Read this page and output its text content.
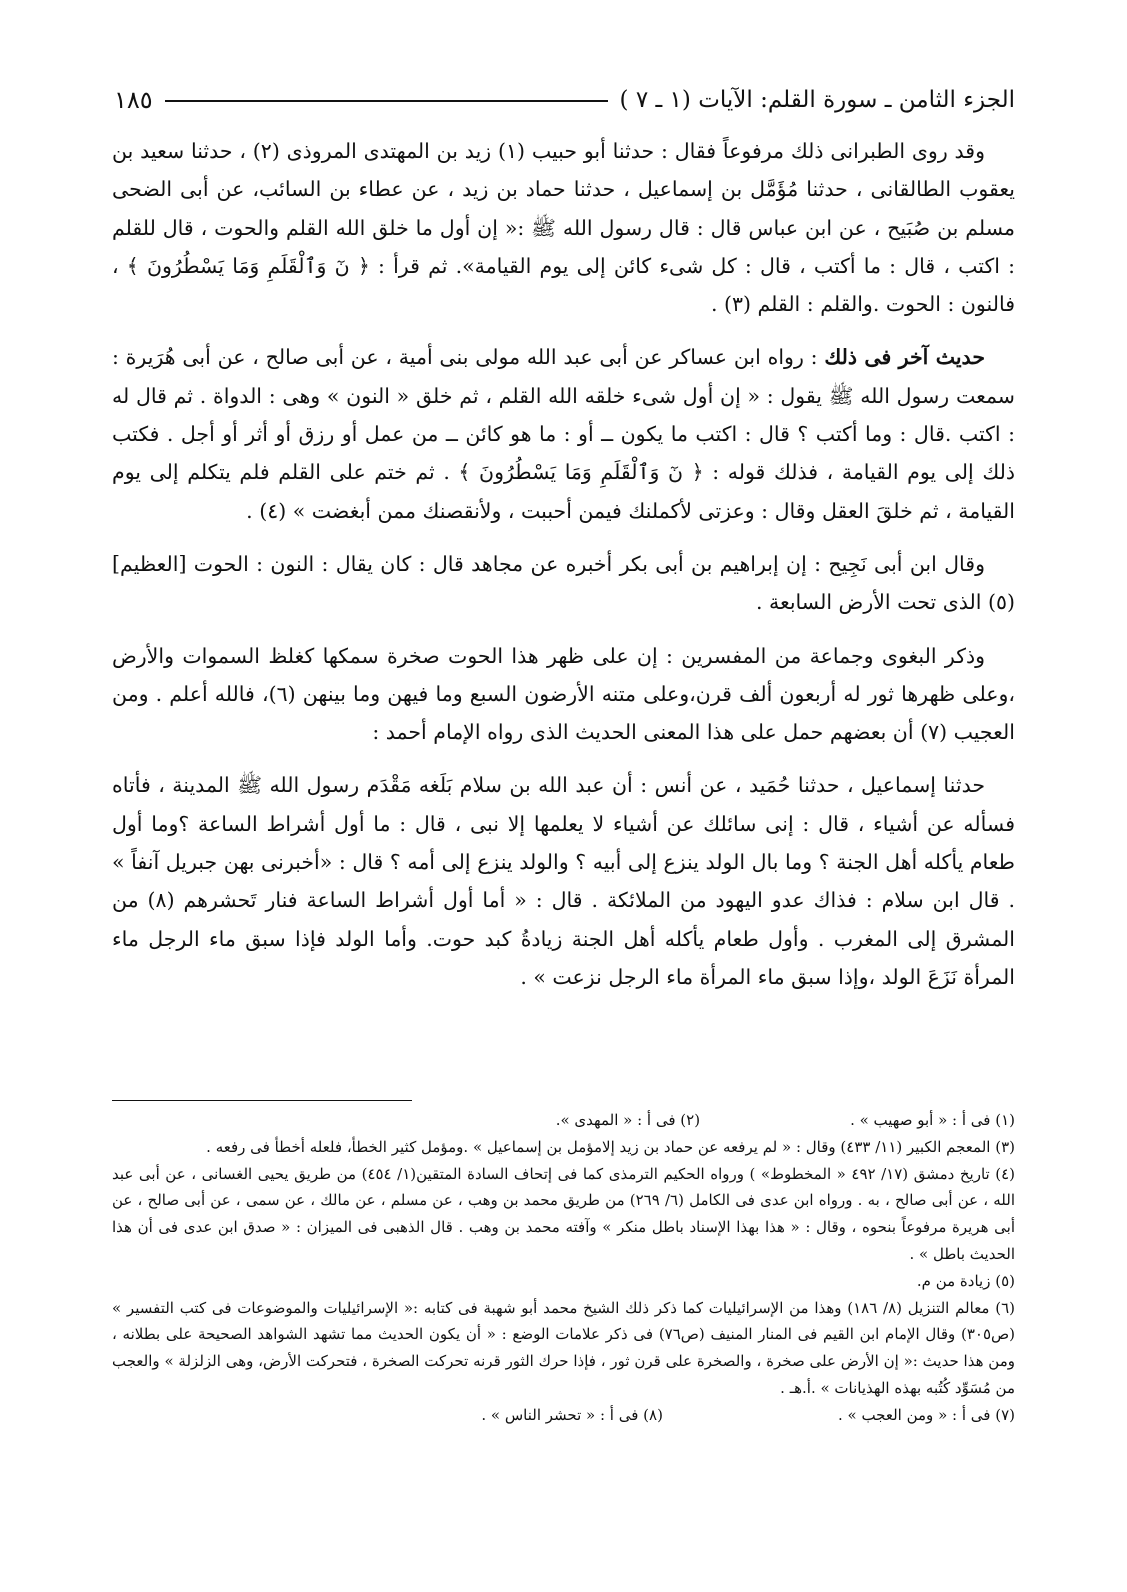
الجزء الثامن ـ سورة القلم: الآيات (١ ـ ٧ )
١٨٥

وقد روى الطبرانى ذلك مرفوعاً فقال : حدثنا أبو حبيب (١) زيد بن المهتدى المروذى (٢) ، حدثنا سعيد بن يعقوب الطالقانى ، حدثنا مُؤَمَّل بن إسماعيل ، حدثنا حماد بن زيد ، عن عطاء بن السائب، عن أبى الضحى مسلم بن صُبَيح ، عن ابن عباس قال : قال رسول الله ﷺ :« إن أول ما خلق الله القلم والحوت ، قال للقلم : اكتب ، قال : ما أكتب ، قال : كل شىء كائن إلى يوم القيامة». ثم قرأ : ﴿ نٓ وَٱلْقَلَمِ وَمَا يَسْطُرُونَ ﴾ ، فالنون : الحوت .والقلم : القلم (٣) .

حديث آخر فى ذلك : رواه ابن عساكر عن أبى عبد الله مولى بنى أمية ، عن أبى صالح ، عن أبى هُرَيرة : سمعت رسول الله ﷺ يقول : « إن أول شىء خلقه الله القلم ، ثم خلق « النون » وهى : الدواة . ثم قال له : اكتب .قال : وما أكتب ؟ قال : اكتب ما يكون ــ أو : ما هو كائن ــ من عمل أو رزق أو أثر أو أجل . فكتب ذلك إلى يوم القيامة ، فذلك قوله : ﴿ نٓ وَٱلْقَلَمِ وَمَا يَسْطُرُونَ ﴾ . ثم ختم على القلم فلم يتكلم إلى يوم القيامة ، ثم خلقَ العقل وقال : وعزتى لأكملنك فيمن أحببت ، ولأنقصنك ممن أبغضت » (٤) .

وقال ابن أبى نَجِيح : إن إبراهيم بن أبى بكر أخبره عن مجاهد قال : كان يقال : النون : الحوت [العظيم] (٥) الذى تحت الأرض السابعة .

وذكر البغوى وجماعة من المفسرين : إن على ظهر هذا الحوت صخرة سمكها كغلظ السموات والأرض ،وعلى ظهرها ثور له أربعون ألف قرن،وعلى متنه الأرضون السبع وما فيهن وما بينهن (٦)، فالله أعلم . ومن العجيب (٧) أن بعضهم حمل على هذا المعنى الحديث الذى رواه الإمام أحمد :

حدثنا إسماعيل ، حدثنا حُمَيد ، عن أنس : أن عبد الله بن سلام بَلَغه مَقْدَم رسول الله ﷺ المدينة ، فأتاه فسأله عن أشياء ، قال : إنى سائلك عن أشياء لا يعلمها إلا نبى ، قال : ما أول أشراط الساعة ؟وما أول طعام يأكله أهل الجنة ؟ وما بال الولد ينزع إلى أبيه ؟ والولد ينزع إلى أمه ؟ قال : «أخبرنى بهن جبريل آنفاً » . قال ابن سلام : فذاك عدو اليهود من الملائكة . قال : « أما أول أشراط الساعة فنار تَحشرهم (٨) من المشرق إلى المغرب . وأول طعام يأكله أهل الجنة زيادةُ كبد حوت. وأما الولد فإذا سبق ماء الرجل ماء المرأة نَزَعَ الولد ،وإذا سبق ماء المرأة ماء الرجل نزعت » .

(١) فى أ : « أبو صهيب » .
(٢) فى أ : « المهدى ».

(٣) المعجم الكبير (١١/ ٤٣٣) وقال : « لم يرفعه عن حماد بن زيد إلامؤمل بن إسماعيل » .ومؤمل كثير الخطأ، فلعله أخطأ فى رفعه .

(٤) تاريخ دمشق (١٧/ ٤٩٢ « المخطوط» ) ورواه الحكيم الترمذى كما فى إتحاف السادة المتقين(١/ ٤٥٤) من طريق يحيى الغسانى ، عن أبى عبد الله ، عن أبى صالح ، به . ورواه ابن عدى فى الكامل (٦/ ٢٦٩) من طريق محمد بن وهب ، عن مسلم ، عن مالك ، عن سمى ، عن أبى صالح ، عن أبى هريرة مرفوعاً بنحوه ، وقال : « هذا بهذا الإسناد باطل منكر » وآفته محمد بن وهب . قال الذهبى فى الميزان : « صدق ابن عدى فى أن هذا الحديث باطل » .

(٥) زيادة من م.

(٦) معالم التنزيل (٨/ ١٨٦) وهذا من الإسرائيليات كما ذكر ذلك الشيخ محمد أبو شهبة فى كتابه :« الإسرائيليات والموضوعات فى كتب التفسير » (ص٣٠٥) وقال الإمام ابن القيم فى المنار المنيف (ص٧٦) فى ذكر علامات الوضع : « أن يكون الحديث مما تشهد الشواهد الصحيحة على بطلانه ، ومن هذا حديث :« إن الأرض على صخرة ، والصخرة على قرن ثور ، فإذا حرك الثور قرنه تحركت الصخرة ، فتحركت الأرض، وهى الزلزلة » والعجب من مُسَوِّد كُتُبه بهذه الهذيانات » .أ.هـ .

(٧) فى أ : « ومن العجب » .
(٨) فى أ : « تحشر الناس » .
